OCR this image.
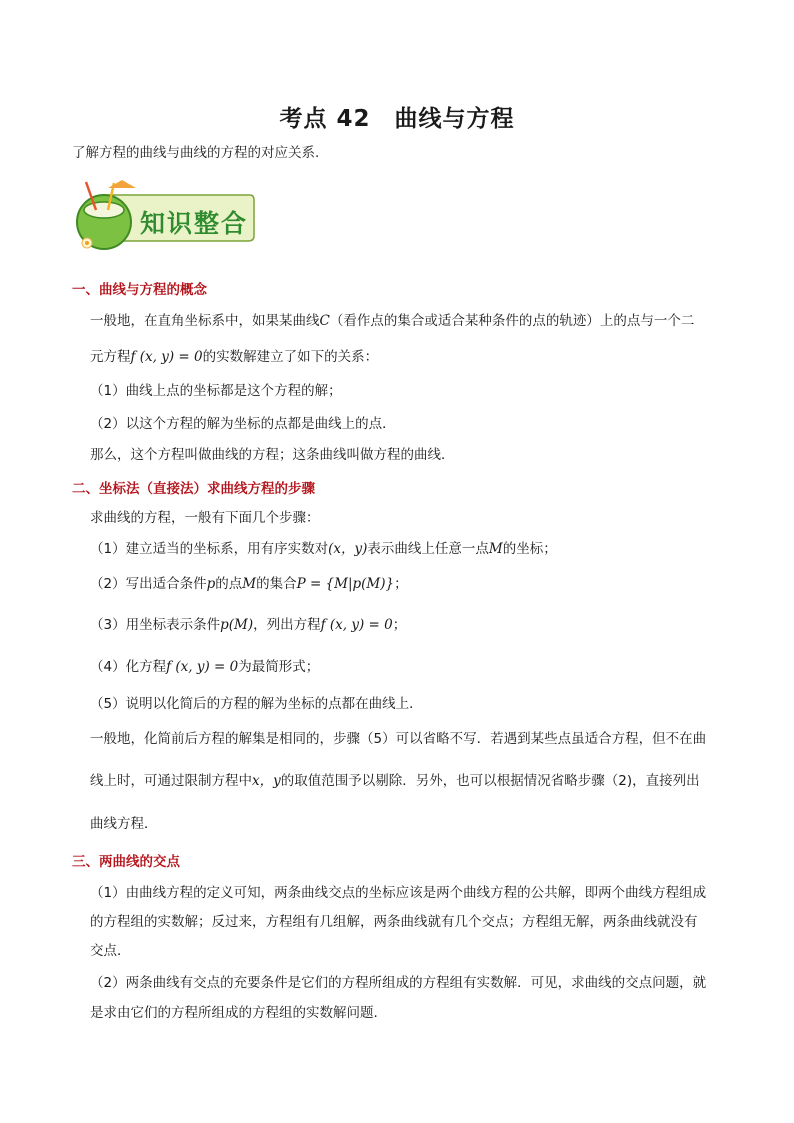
考点 42　曲线与方程
了解方程的曲线与曲线的方程的对应关系.
知识整合
一、曲线与方程的概念
一般地，在直角坐标系中，如果某曲线C（看作点的集合或适合某种条件的点的轨迹）上的点与一个二
元方程f (x, y) = 0的实数解建立了如下的关系：
（1）曲线上点的坐标都是这个方程的解；
（2）以这个方程的解为坐标的点都是曲线上的点．
那么，这个方程叫做曲线的方程；这条曲线叫做方程的曲线．
二、坐标法（直接法）求曲线方程的步骤
求曲线的方程，一般有下面几个步骤：
（1）建立适当的坐标系，用有序实数对(x，y)表示曲线上任意一点M的坐标；
（2）写出适合条件p的点M的集合P = {M|p(M)}；
（3）用坐标表示条件p(M)，列出方程f (x, y) = 0；
（4）化方程f (x, y) = 0为最简形式；
（5）说明以化简后的方程的解为坐标的点都在曲线上．
一般地，化简前后方程的解集是相同的，步骤（5）可以省略不写．若遇到某些点虽适合方程，但不在曲
线上时，可通过限制方程中x，y的取值范围予以剔除．另外，也可以根据情况省略步骤（2)，直接列出
曲线方程．
三、两曲线的交点
（1）由曲线方程的定义可知，两条曲线交点的坐标应该是两个曲线方程的公共解，即两个曲线方程组成
的方程组的实数解；反过来，方程组有几组解，两条曲线就有几个交点；方程组无解，两条曲线就没有
交点．
（2）两条曲线有交点的充要条件是它们的方程所组成的方程组有实数解．可见，求曲线的交点问题，就
是求由它们的方程所组成的方程组的实数解问题.
